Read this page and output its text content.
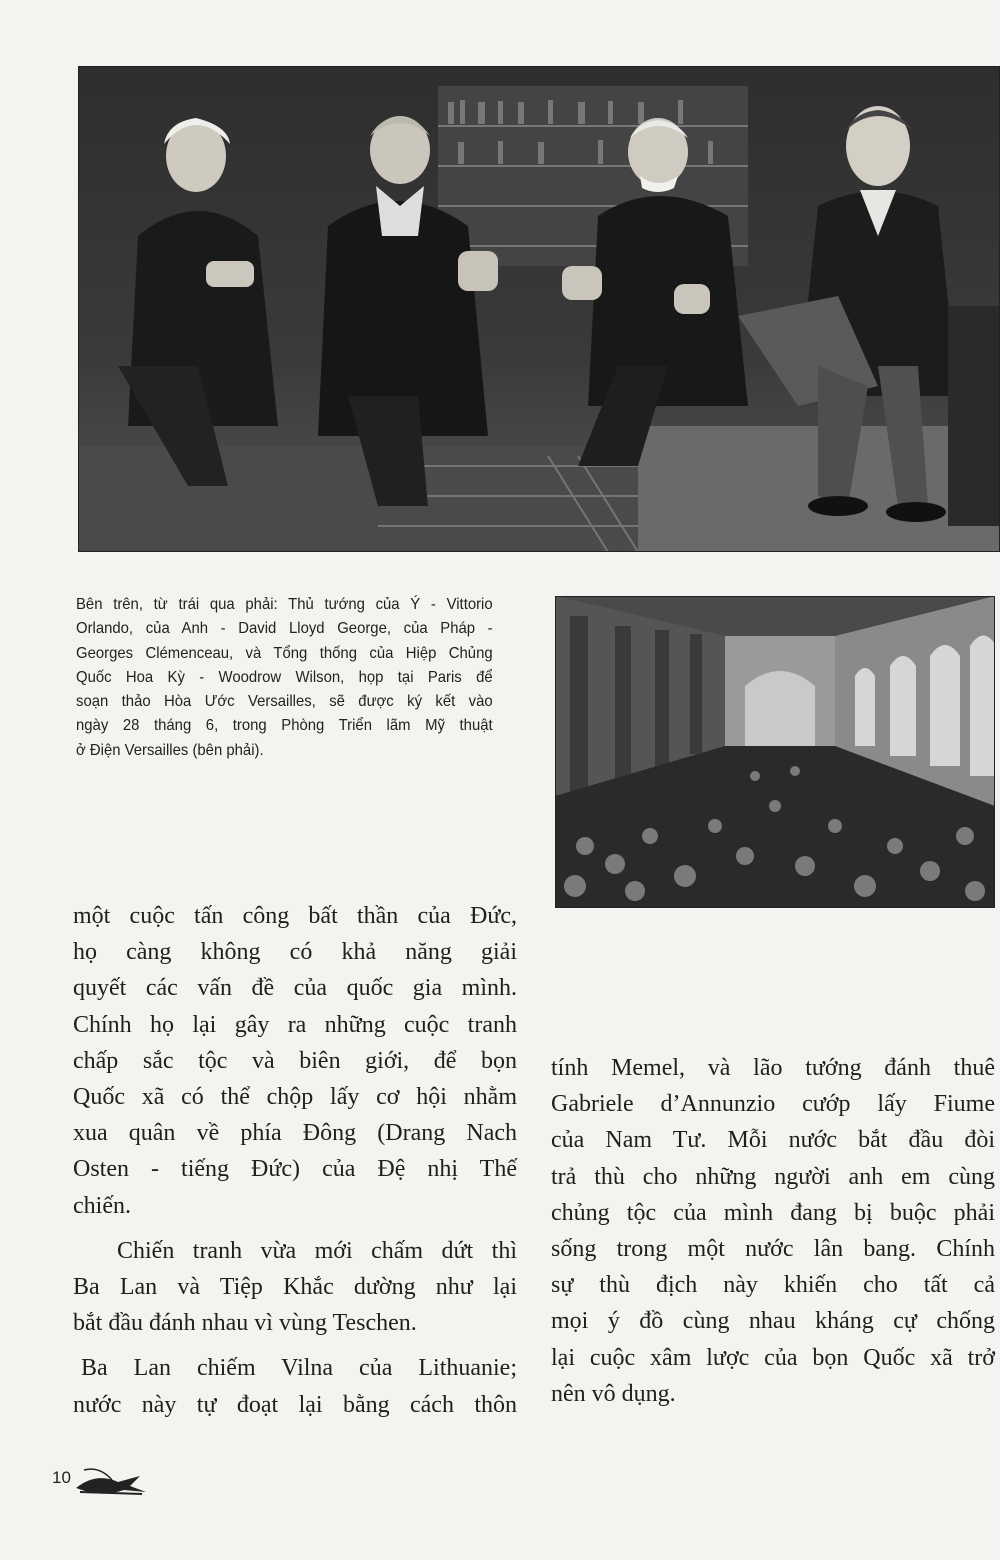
Bên trên, từ trái qua phải: Thủ tướng của Ý - Vittorio
Orlando, của Anh - David Lloyd George, của Pháp -
Georges Clémenceau, và Tổng thống của Hiệp Chủng
Quốc Hoa Kỳ - Woodrow Wilson, họp tại Paris để
soạn thảo Hòa Ước Versailles, sẽ được ký kết vào
ngày 28 tháng 6, trong Phòng Triển lãm Mỹ thuật
ở Điện Versailles (bên phải).

một cuộc tấn công bất thần của Đức,
họ càng không có khả năng giải
quyết các vấn đề của quốc gia mình.
Chính họ lại gây ra những cuộc tranh
chấp sắc tộc và biên giới, để bọn
Quốc xã có thể chộp lấy cơ hội nhằm
xua quân về phía Đông (Drang Nach
Osten - tiếng Đức) của Đệ nhị Thế
chiến.

Chiến tranh vừa mới chấm dứt thì
Ba Lan và Tiệp Khắc dường như lại
bắt đầu đánh nhau vì vùng Teschen.

Ba Lan chiếm Vilna của Lithuanie;
nước này tự đoạt lại bằng cách thôn

tính Memel, và lão tướng đánh thuê
Gabriele d’Annunzio cướp lấy Fiume
của Nam Tư. Mỗi nước bắt đầu đòi
trả thù cho những người anh em cùng
chủng tộc của mình đang bị buộc phải
sống trong một nước lân bang. Chính
sự thù địch này khiến cho tất cả
mọi ý đồ cùng nhau kháng cự chống
lại cuộc xâm lược của bọn Quốc xã trở
nên vô dụng.

10
